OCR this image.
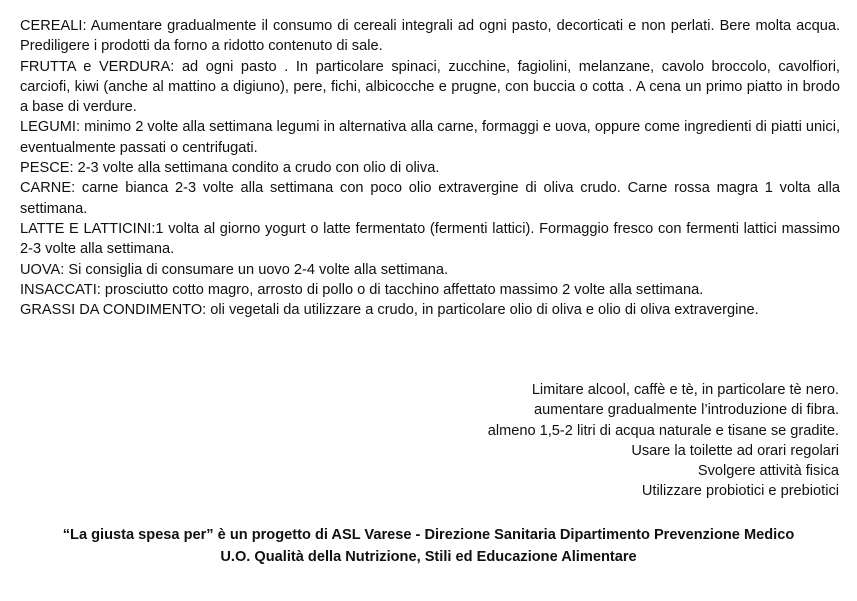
CEREALI: Aumentare gradualmente il consumo di cereali integrali ad ogni pasto, decorticati e non perlati. Bere molta acqua. Prediligere i prodotti da forno a ridotto contenuto di sale.

FRUTTA e VERDURA: ad ogni pasto . In particolare spinaci, zucchine, fagiolini, melanzane, cavolo broccolo, cavolfiori, carciofi, kiwi (anche al mattino a digiuno), pere, fichi, albicocche e prugne, con buccia o cotta . A cena un primo piatto in brodo a base di verdure.

LEGUMI: minimo 2 volte alla settimana legumi in alternativa alla carne, formaggi e uova, oppure come ingredienti di piatti unici, eventualmente passati o centrifugati.

PESCE: 2-3 volte alla settimana condito a crudo con olio di oliva.

CARNE: carne bianca 2-3 volte alla settimana con poco olio extravergine di oliva crudo. Carne rossa magra 1 volta alla settimana.

LATTE E LATTICINI:1 volta al giorno yogurt o latte fermentato (fermenti lattici). Formaggio fresco con fermenti lattici massimo 2-3 volte alla settimana.

UOVA: Si consiglia di consumare un uovo 2-4 volte alla settimana.

INSACCATI: prosciutto cotto magro, arrosto di pollo o di tacchino affettato massimo 2 volte alla settimana.

GRASSI DA CONDIMENTO: oli vegetali da utilizzare a crudo, in particolare olio di oliva e olio di oliva extravergine.

Limitare alcool, caffè e tè, in particolare tè nero.

aumentare gradualmente l’introduzione di fibra.

almeno 1,5-2 litri di acqua naturale e tisane se gradite.

Usare la toilette ad orari regolari

Svolgere attività fisica

Utilizzare probiotici e prebiotici

“La giusta spesa per” è un progetto di ASL Varese - Direzione Sanitaria Dipartimento Prevenzione Medico

U.O. Qualità della Nutrizione, Stili ed Educazione Alimentare
